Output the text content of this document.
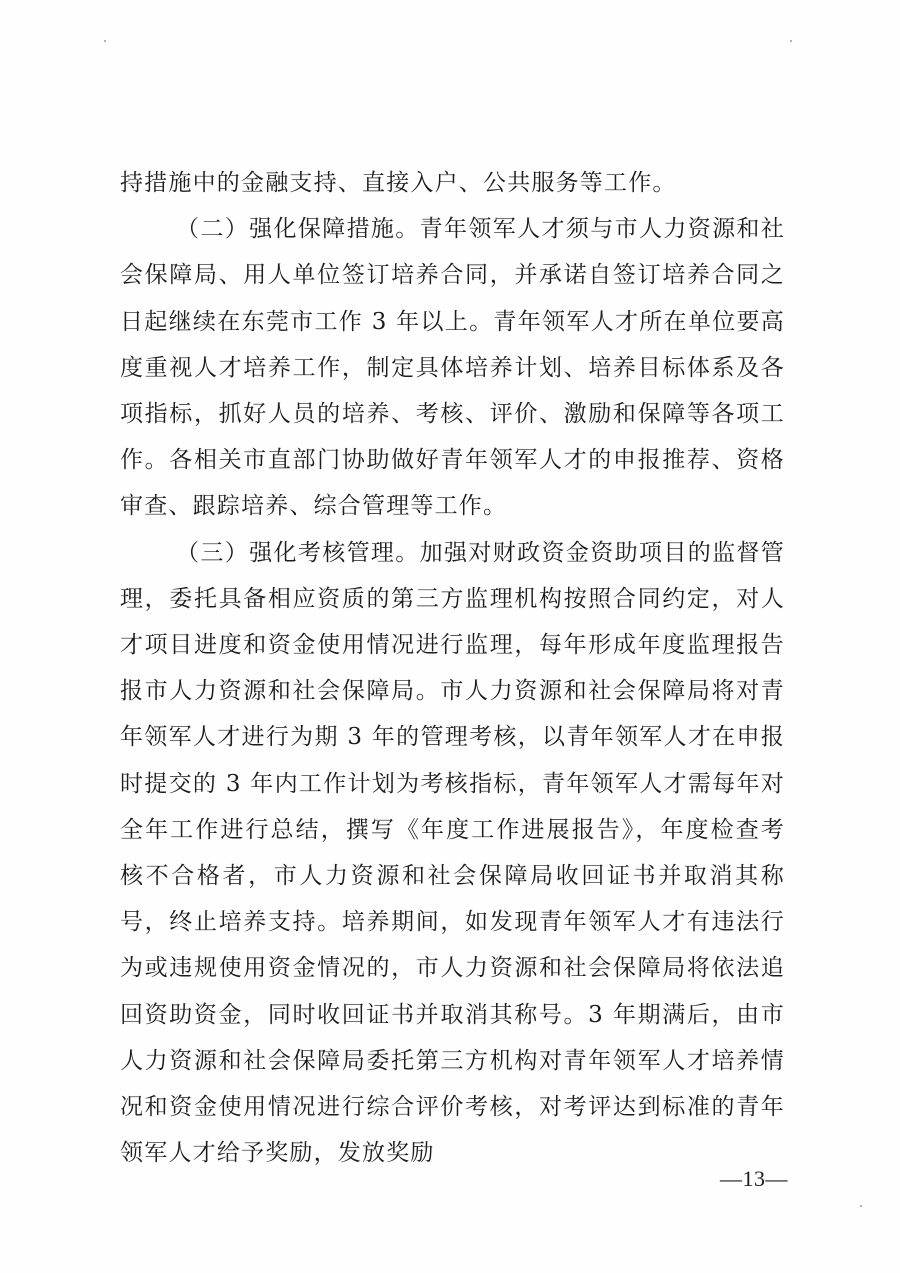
持措施中的金融支持、直接入户、公共服务等工作。

（二）强化保障措施。青年领军人才须与市人力资源和社会保障局、用人单位签订培养合同，并承诺自签订培养合同之日起继续在东莞市工作 3 年以上。青年领军人才所在单位要高度重视人才培养工作，制定具体培养计划、培养目标体系及各项指标，抓好人员的培养、考核、评价、激励和保障等各项工作。各相关市直部门协助做好青年领军人才的申报推荐、资格审查、跟踪培养、综合管理等工作。

（三）强化考核管理。加强对财政资金资助项目的监督管理，委托具备相应资质的第三方监理机构按照合同约定，对人才项目进度和资金使用情况进行监理，每年形成年度监理报告报市人力资源和社会保障局。市人力资源和社会保障局将对青年领军人才进行为期 3 年的管理考核，以青年领军人才在申报时提交的 3 年内工作计划为考核指标，青年领军人才需每年对全年工作进行总结，撰写《年度工作进展报告》，年度检查考核不合格者，市人力资源和社会保障局收回证书并取消其称号，终止培养支持。培养期间，如发现青年领军人才有违法行为或违规使用资金情况的，市人力资源和社会保障局将依法追回资助资金，同时收回证书并取消其称号。3 年期满后，由市人力资源和社会保障局委托第三方机构对青年领军人才培养情况和资金使用情况进行综合评价考核，对考评达到标准的青年领军人才给予奖励，发放奖励

—13—
